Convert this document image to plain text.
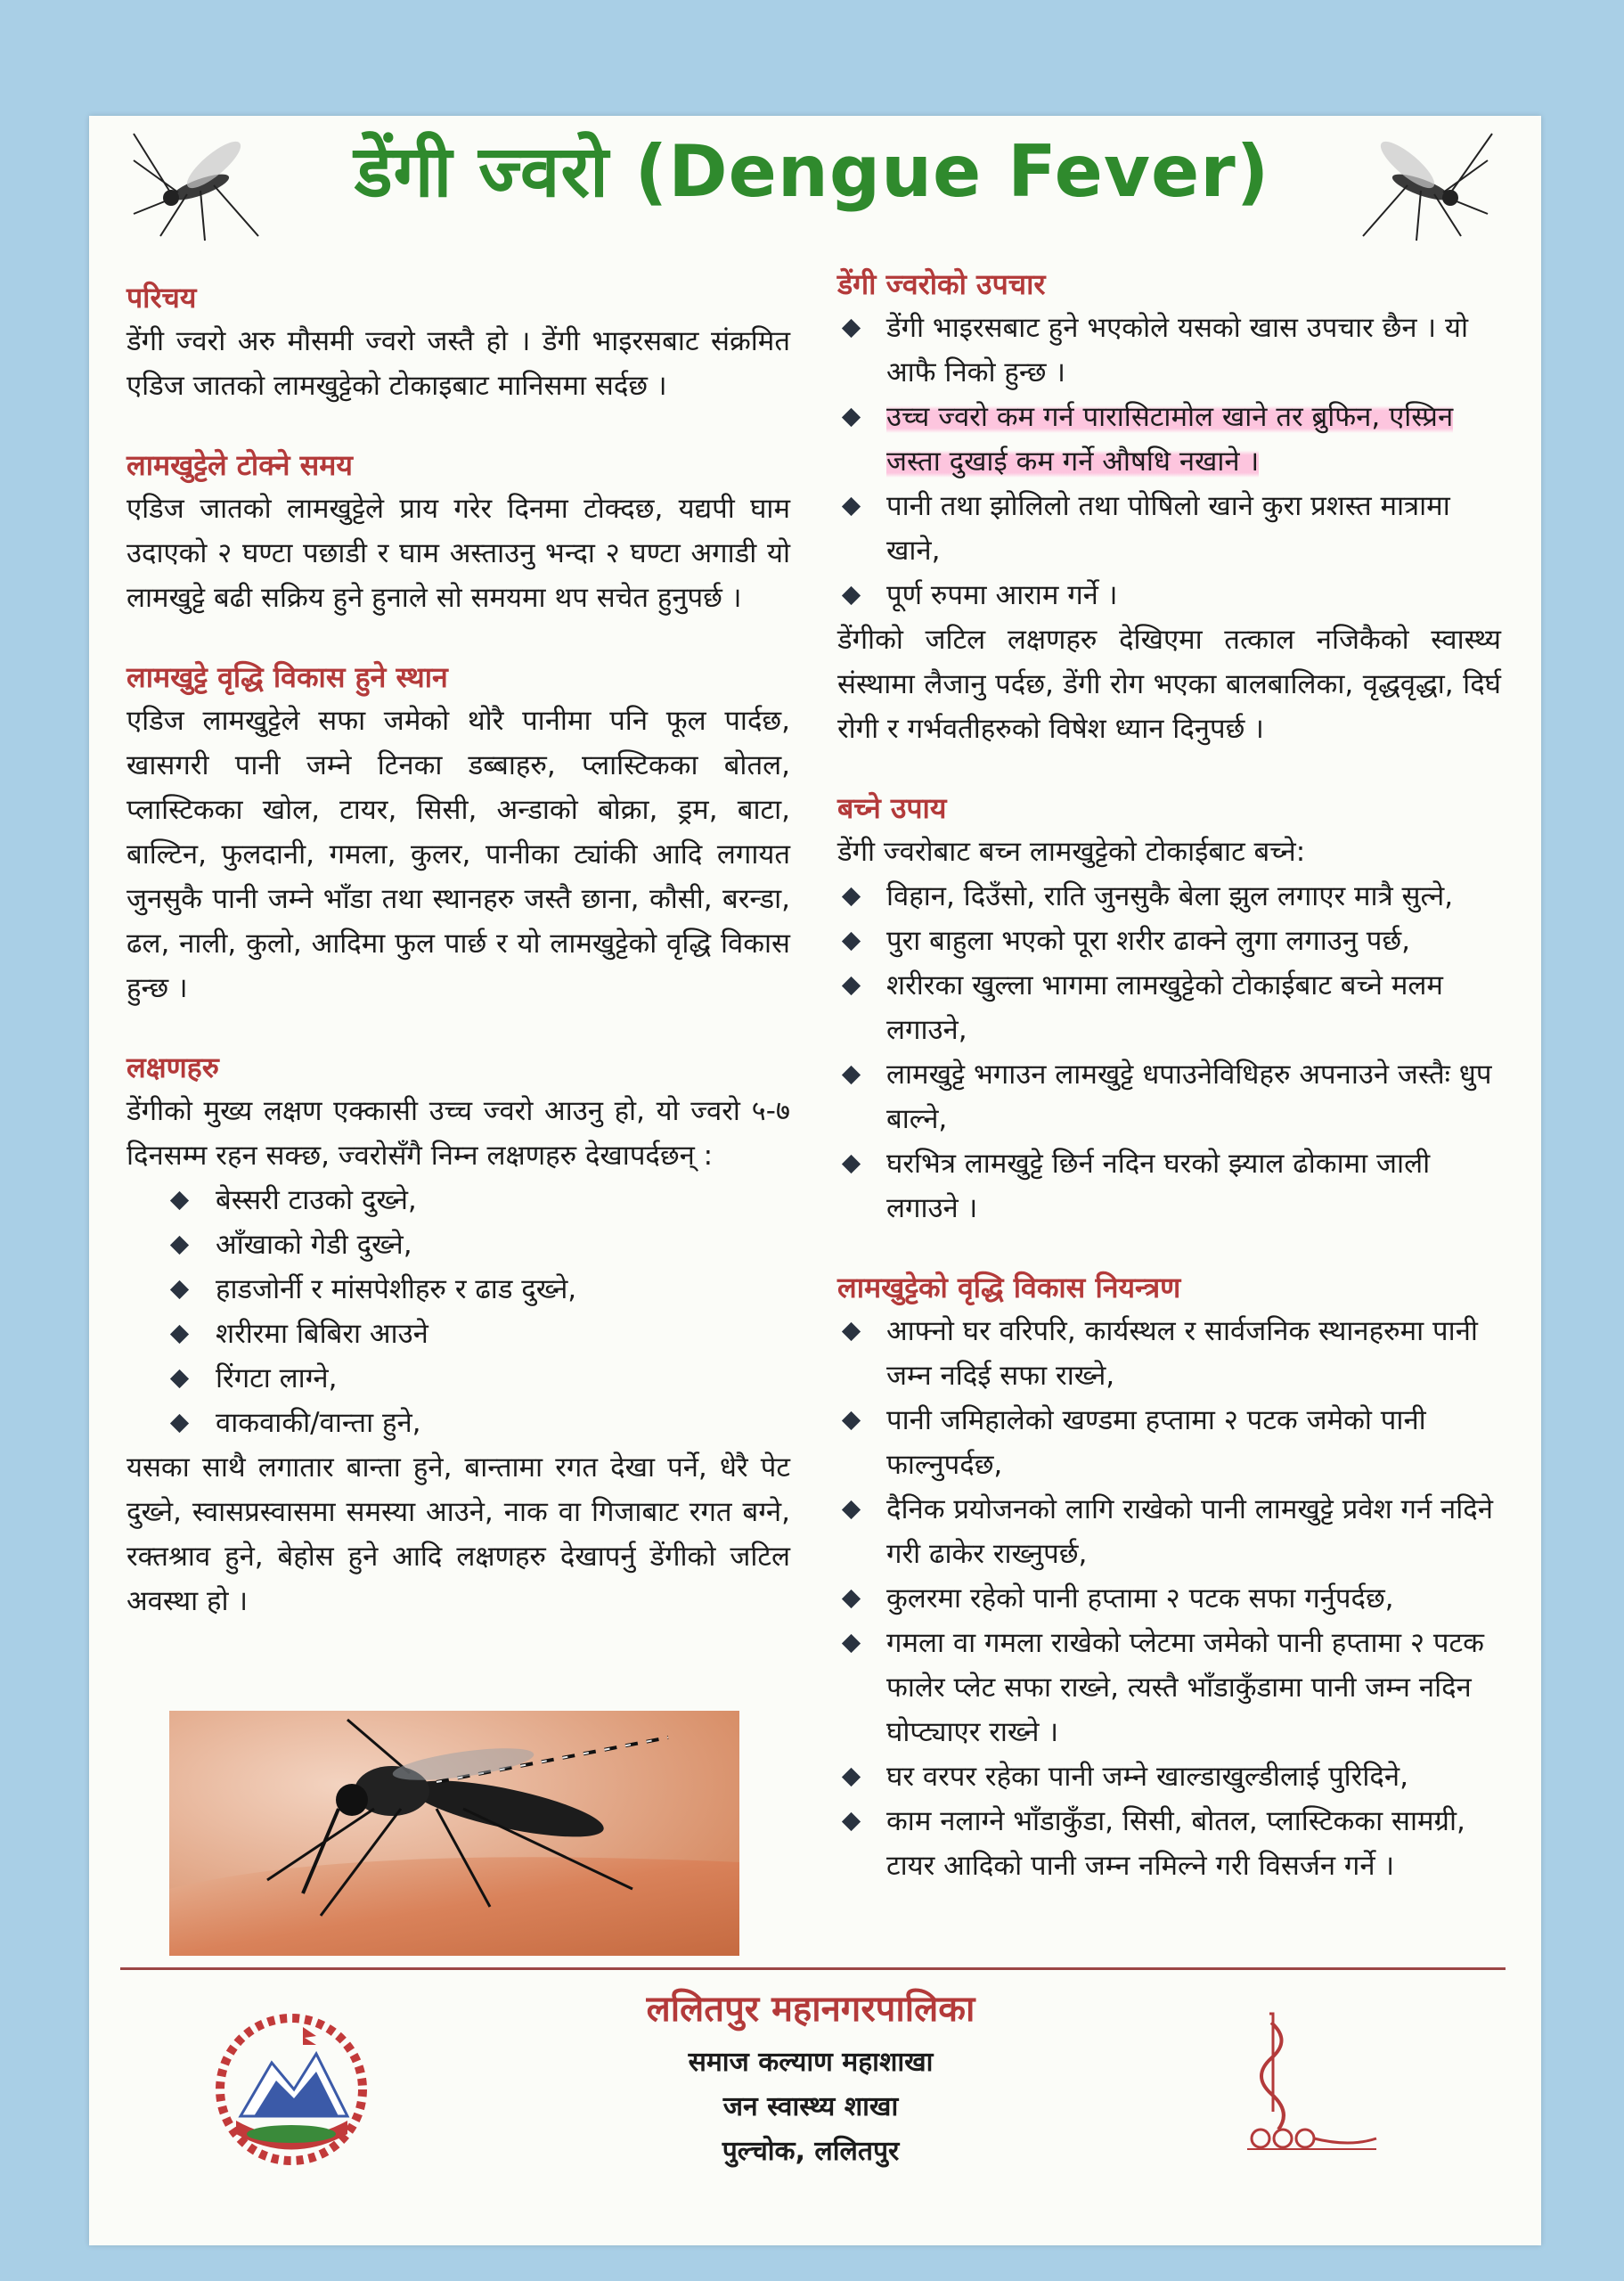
डेंगी ज्वरो (Dengue Fever)
परिचय
डेंगी ज्वरो अरु मौसमी ज्वरो जस्तै हो । डेंगी भाइरसबाट संक्रमित एडिज जातको लामखुट्टेको टोकाइबाट मानिसमा सर्दछ ।
लामखुट्टेले टोक्ने समय
एडिज जातको लामखुट्टेले प्राय गरेर दिनमा टोक्दछ, यद्यपी घाम उदाएको २ घण्टा पछाडी र घाम अस्ताउनु भन्दा २ घण्टा अगाडी यो लामखुट्टे बढी सक्रिय हुने हुनाले सो समयमा थप सचेत हुनुपर्छ ।
लामखुट्टे वृद्धि विकास हुने स्थान
एडिज लामखुट्टेले सफा जमेको थोरै पानीमा पनि फूल पार्दछ, खासगरी पानी जम्ने टिनका डब्बाहरु, प्लास्टिकका बोतल, प्लास्टिकका खोल, टायर, सिसी, अन्डाको बोक्रा, ड्रम, बाटा, बाल्टिन, फुलदानी, गमला, कुलर, पानीका ट्यांकी आदि लगायत जुनसुकै पानी जम्ने भाँडा तथा स्थानहरु जस्तै छाना, कौसी, बरन्डा, ढल, नाली, कुलो, आदिमा फुल पार्छ र यो लामखुट्टेको वृद्धि विकास हुन्छ ।
लक्षणहरु
डेंगीको मुख्य लक्षण एक्कासी उच्च ज्वरो आउनु हो, यो ज्वरो ५-७ दिनसम्म रहन सक्छ, ज्वरोसँगै निम्न लक्षणहरु देखापर्दछन् :
बेस्सरी टाउको दुख्ने,
आँखाको गेडी दुख्ने,
हाडजोर्नी र मांसपेशीहरु र ढाड दुख्ने,
शरीरमा बिबिरा आउने
रिंगटा लाग्ने,
वाकवाकी/वान्ता हुने,
यसका साथै लगातार बान्ता हुने, बान्तामा रगत देखा पर्ने, धेरै पेट दुख्ने, स्वासप्रस्वासमा समस्या आउने, नाक वा गिजाबाट रगत बग्ने, रक्तश्राव हुने, बेहोस हुने आदि लक्षणहरु देखापर्नु डेंगीको जटिल अवस्था हो ।
डेंगी ज्वरोको उपचार
डेंगी भाइरसबाट हुने भएकोले यसको खास उपचार छैन । यो आफै निको हुन्छ ।
उच्च ज्वरो कम गर्न पारासिटामोल खाने तर ब्रुफिन, एस्प्रिन जस्ता दुखाई कम गर्ने औषधि नखाने ।
पानी तथा झोलिलो तथा पोषिलो खाने कुरा प्रशस्त मात्रामा खाने,
पूर्ण रुपमा आराम गर्ने ।
डेंगीको जटिल लक्षणहरु देखिएमा तत्काल नजिकैको स्वास्थ्य संस्थामा लैजानु पर्दछ, डेंगी रोग भएका बालबालिका, वृद्धवृद्धा, दिर्घ रोगी र गर्भवतीहरुको विषेश ध्यान दिनुपर्छ ।
बच्ने उपाय
डेंगी ज्वरोबाट बच्न लामखुट्टेको टोकाईबाट बच्ने:
विहान, दिउँसो, राति जुनसुकै बेला झुल लगाएर मात्रै सुत्ने,
पुरा बाहुला भएको पूरा शरीर ढाक्ने लुगा लगाउनु पर्छ,
शरीरका खुल्ला भागमा लामखुट्टेको टोकाईबाट बच्ने मलम लगाउने,
लामखुट्टे भगाउन लामखुट्टे धपाउनेविधिहरु अपनाउने जस्तैः धुप बाल्ने,
घरभित्र लामखुट्टे छिर्न नदिन घरको झ्याल ढोकामा जाली लगाउने ।
लामखुट्टेको वृद्धि विकास नियन्त्रण
आफ्नो घर वरिपरि, कार्यस्थल र सार्वजनिक स्थानहरुमा पानी जम्न नदिई सफा राख्ने,
पानी जमिहालेको खण्डमा हप्तामा २ पटक जमेको पानी फाल्नुपर्दछ,
दैनिक प्रयोजनको लागि राखेको पानी लामखुट्टे प्रवेश गर्न नदिने गरी ढाकेर राख्नुपर्छ,
कुलरमा रहेको पानी हप्तामा २ पटक सफा गर्नुपर्दछ,
गमला वा गमला राखेको प्लेटमा जमेको पानी हप्तामा २ पटक फालेर प्लेट सफा राख्ने, त्यस्तै भाँडाकुँडामा पानी जम्न नदिन घोप्ट्याएर राख्ने ।
घर वरपर रहेका पानी जम्ने खाल्डाखुल्डीलाई पुरिदिने,
काम नलाग्ने भाँडाकुँडा, सिसी, बोतल, प्लास्टिकका सामग्री, टायर आदिको पानी जम्न नमिल्ने गरी विसर्जन गर्ने ।
ललितपुर महानगरपालिका
समाज कल्याण महाशाखा
जन स्वास्थ्य शाखा
पुल्चोक, ललितपुर
